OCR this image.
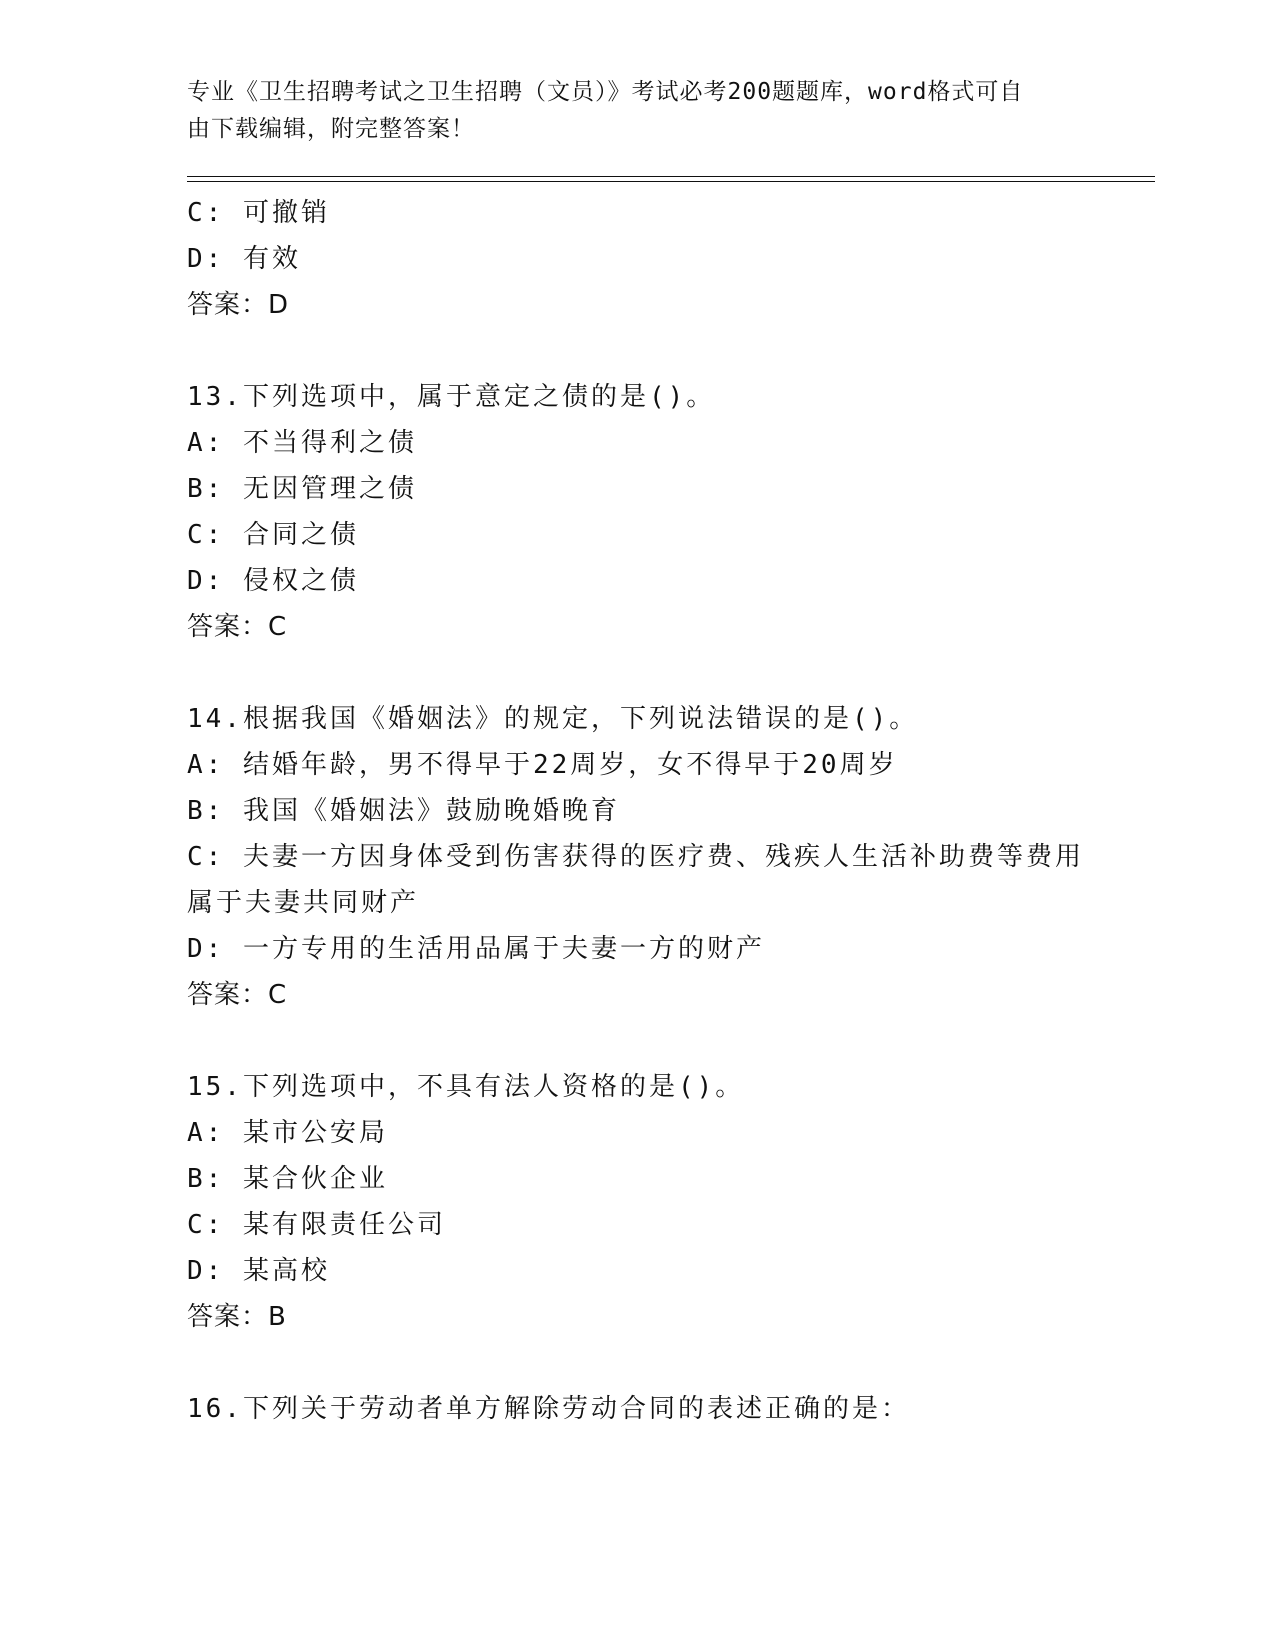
专业《卫生招聘考试之卫生招聘（文员）》考试必考200题题库，word格式可自
由下载编辑，附完整答案！
C: 可撤销
D: 有效
答案：D
13.下列选项中，属于意定之债的是()。
A: 不当得利之债
B: 无因管理之债
C: 合同之债
D: 侵权之债
答案：C
14.根据我国《婚姻法》的规定，下列说法错误的是()。
A: 结婚年龄，男不得早于22周岁，女不得早于20周岁
B: 我国《婚姻法》鼓励晚婚晚育
C: 夫妻一方因身体受到伤害获得的医疗费、残疾人生活补助费等费用属于夫妻共同财产
D: 一方专用的生活用品属于夫妻一方的财产
答案：C
15.下列选项中，不具有法人资格的是()。
A: 某市公安局
B: 某合伙企业
C: 某有限责任公司
D: 某高校
答案：B
16.下列关于劳动者单方解除劳动合同的表述正确的是：
